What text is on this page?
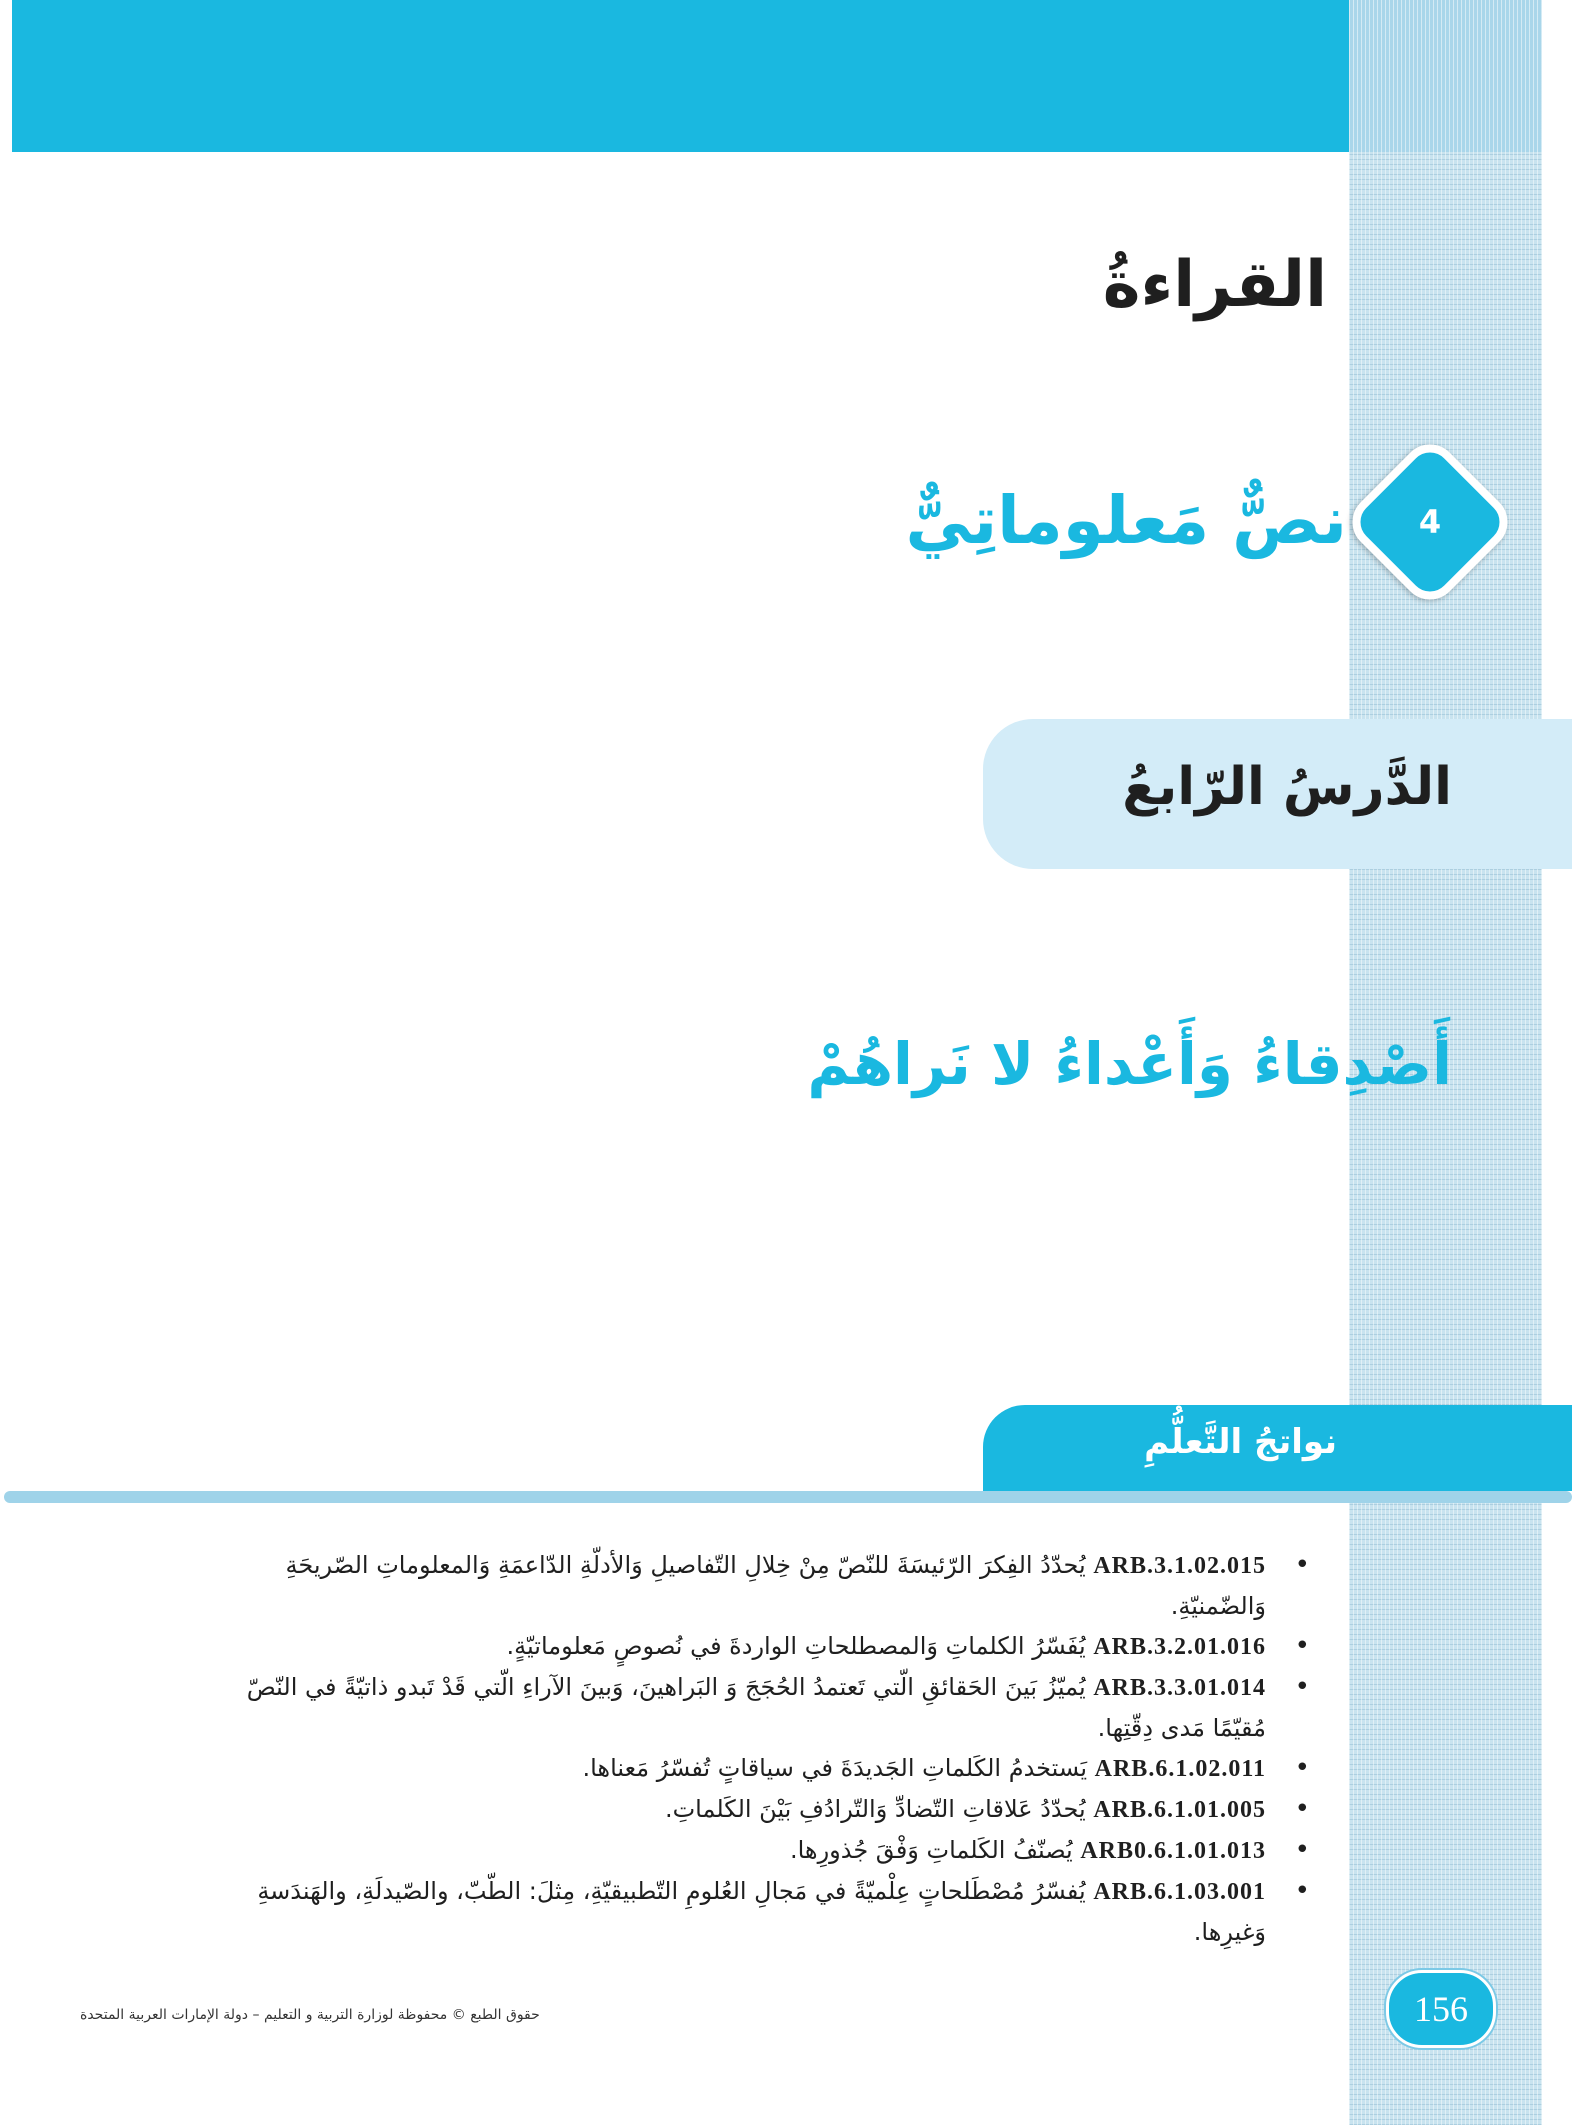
القراءةُ
4
نصٌّ مَعلوماتِيٌّ
الدَّرسُ الرّابعُ
أَصْدِقاءُ وَأَعْداءُ لا نَراهُمْ
نواتجُ التَّعلُّمِ
• ARB.3.1.02.015 يُحدّدُ الفِكرَ الرّئيسَةَ للنّصّ مِنْ خِلالِ التّفاصيلِ وَالأدلّةِ الدّاعمَةِ وَالمعلوماتِ الصّريحَةِ وَالضّمنيّةِ.
• ARB.3.2.01.016 يُفَسّرُ الكلماتِ وَالمصطلحاتِ الواردةَ في نُصوصٍ مَعلوماتيّةٍ.
• ARB.3.3.01.014 يُميّزُ بَينَ الحَقائقِ الّتي تَعتمدُ الحُجَجَ وَ البَراهينَ، وَبينَ الآراءِ الّتي قَدْ تَبدو ذاتيّةً في النّصّ مُقيّمًا مَدى دِقّتِها.
• ARB.6.1.02.011 يَستخدمُ الكَلماتِ الجَديدَةَ في سياقاتٍ تُفسّرُ مَعناها.
• ARB.6.1.01.005 يُحدّدُ عَلاقاتِ التّضادِّ وَالتّرادُفِ بَيْنَ الكَلماتِ.
• ARB0.6.1.01.013 يُصنّفُ الكَلماتِ وَفْقَ جُذورِها.
• ARB.6.1.03.001 يُفسّرُ مُصْطَلحاتٍ عِلْميّةً في مَجالِ العُلومِ التّطبيقيّةِ، مِثلَ: الطّبّ، والصّيدلَةِ، والهَندَسةِ وَغيرِها.

حقوق الطبع © محفوظة لوزارة التربية و التعليم – دولة الإمارات العربية المتحدة	156
